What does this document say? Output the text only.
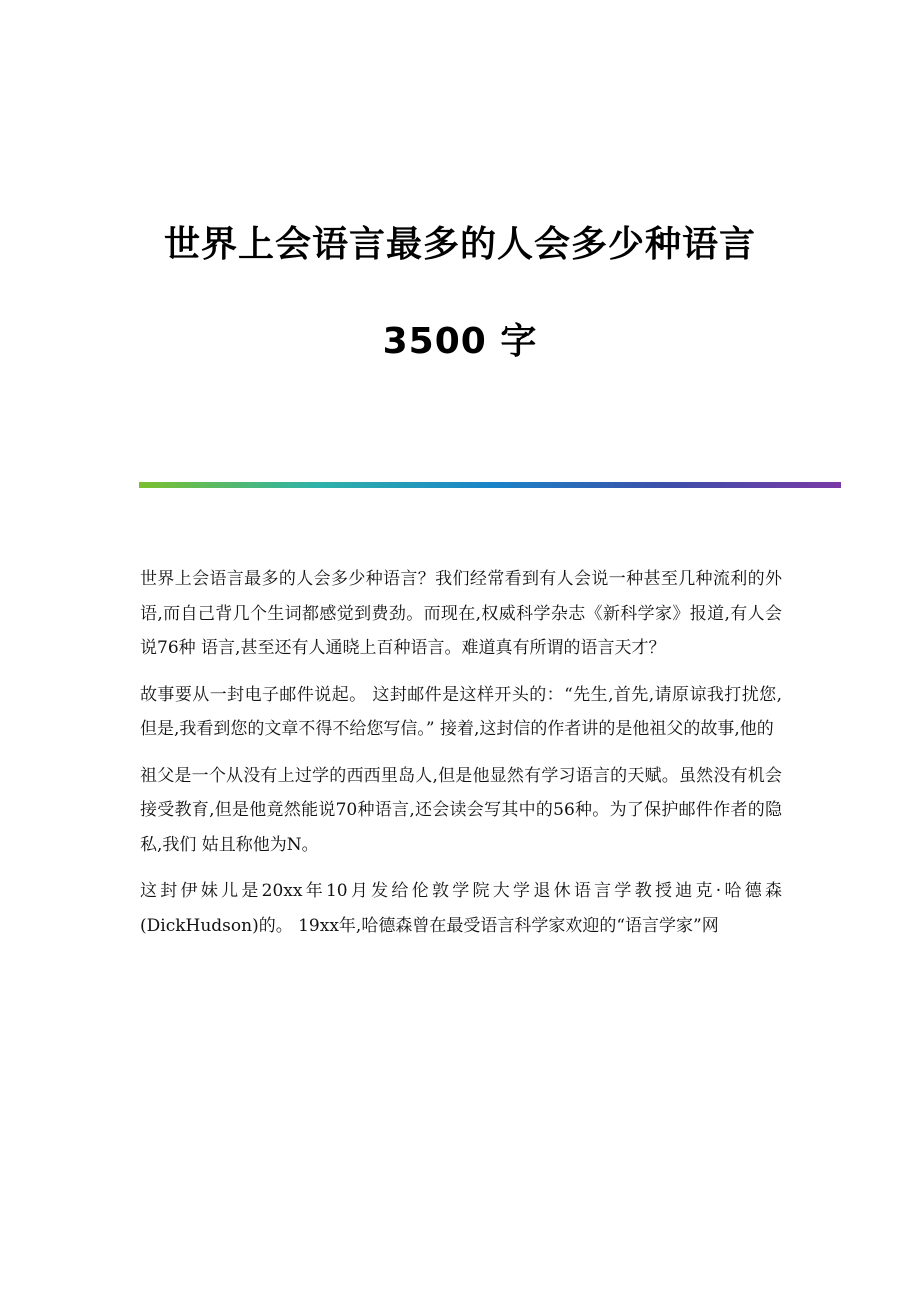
世界上会语言最多的人会多少种语言
3500 字

世界上会语言最多的人会多少种语言？我们经常看到有人会说一种甚至几种流利的外语,而自己背几个生词都感觉到费劲。而现在,权威科学杂志《新科学家》报道,有人会说76种 语言,甚至还有人通晓上百种语言。难道真有所谓的语言天才？

故事要从一封电子邮件说起。 这封邮件是这样开头的：“先生,首先,请原谅我打扰您,但是,我看到您的文章不得不给您写信。” 接着,这封信的作者讲的是他祖父的故事,他的

祖父是一个从没有上过学的西西里岛人,但是他显然有学习语言的天赋。虽然没有机会接受教育,但是他竟然能说70种语言,还会读会写其中的56种。为了保护邮件作者的隐私,我们 姑且称他为N。

这封伊妹儿是20xx年10月发给伦敦学院大学退休语言学教授迪克·哈德森(DickHudson)的。 19xx年,哈德森曾在最受语言科学家欢迎的“语言学家”网
